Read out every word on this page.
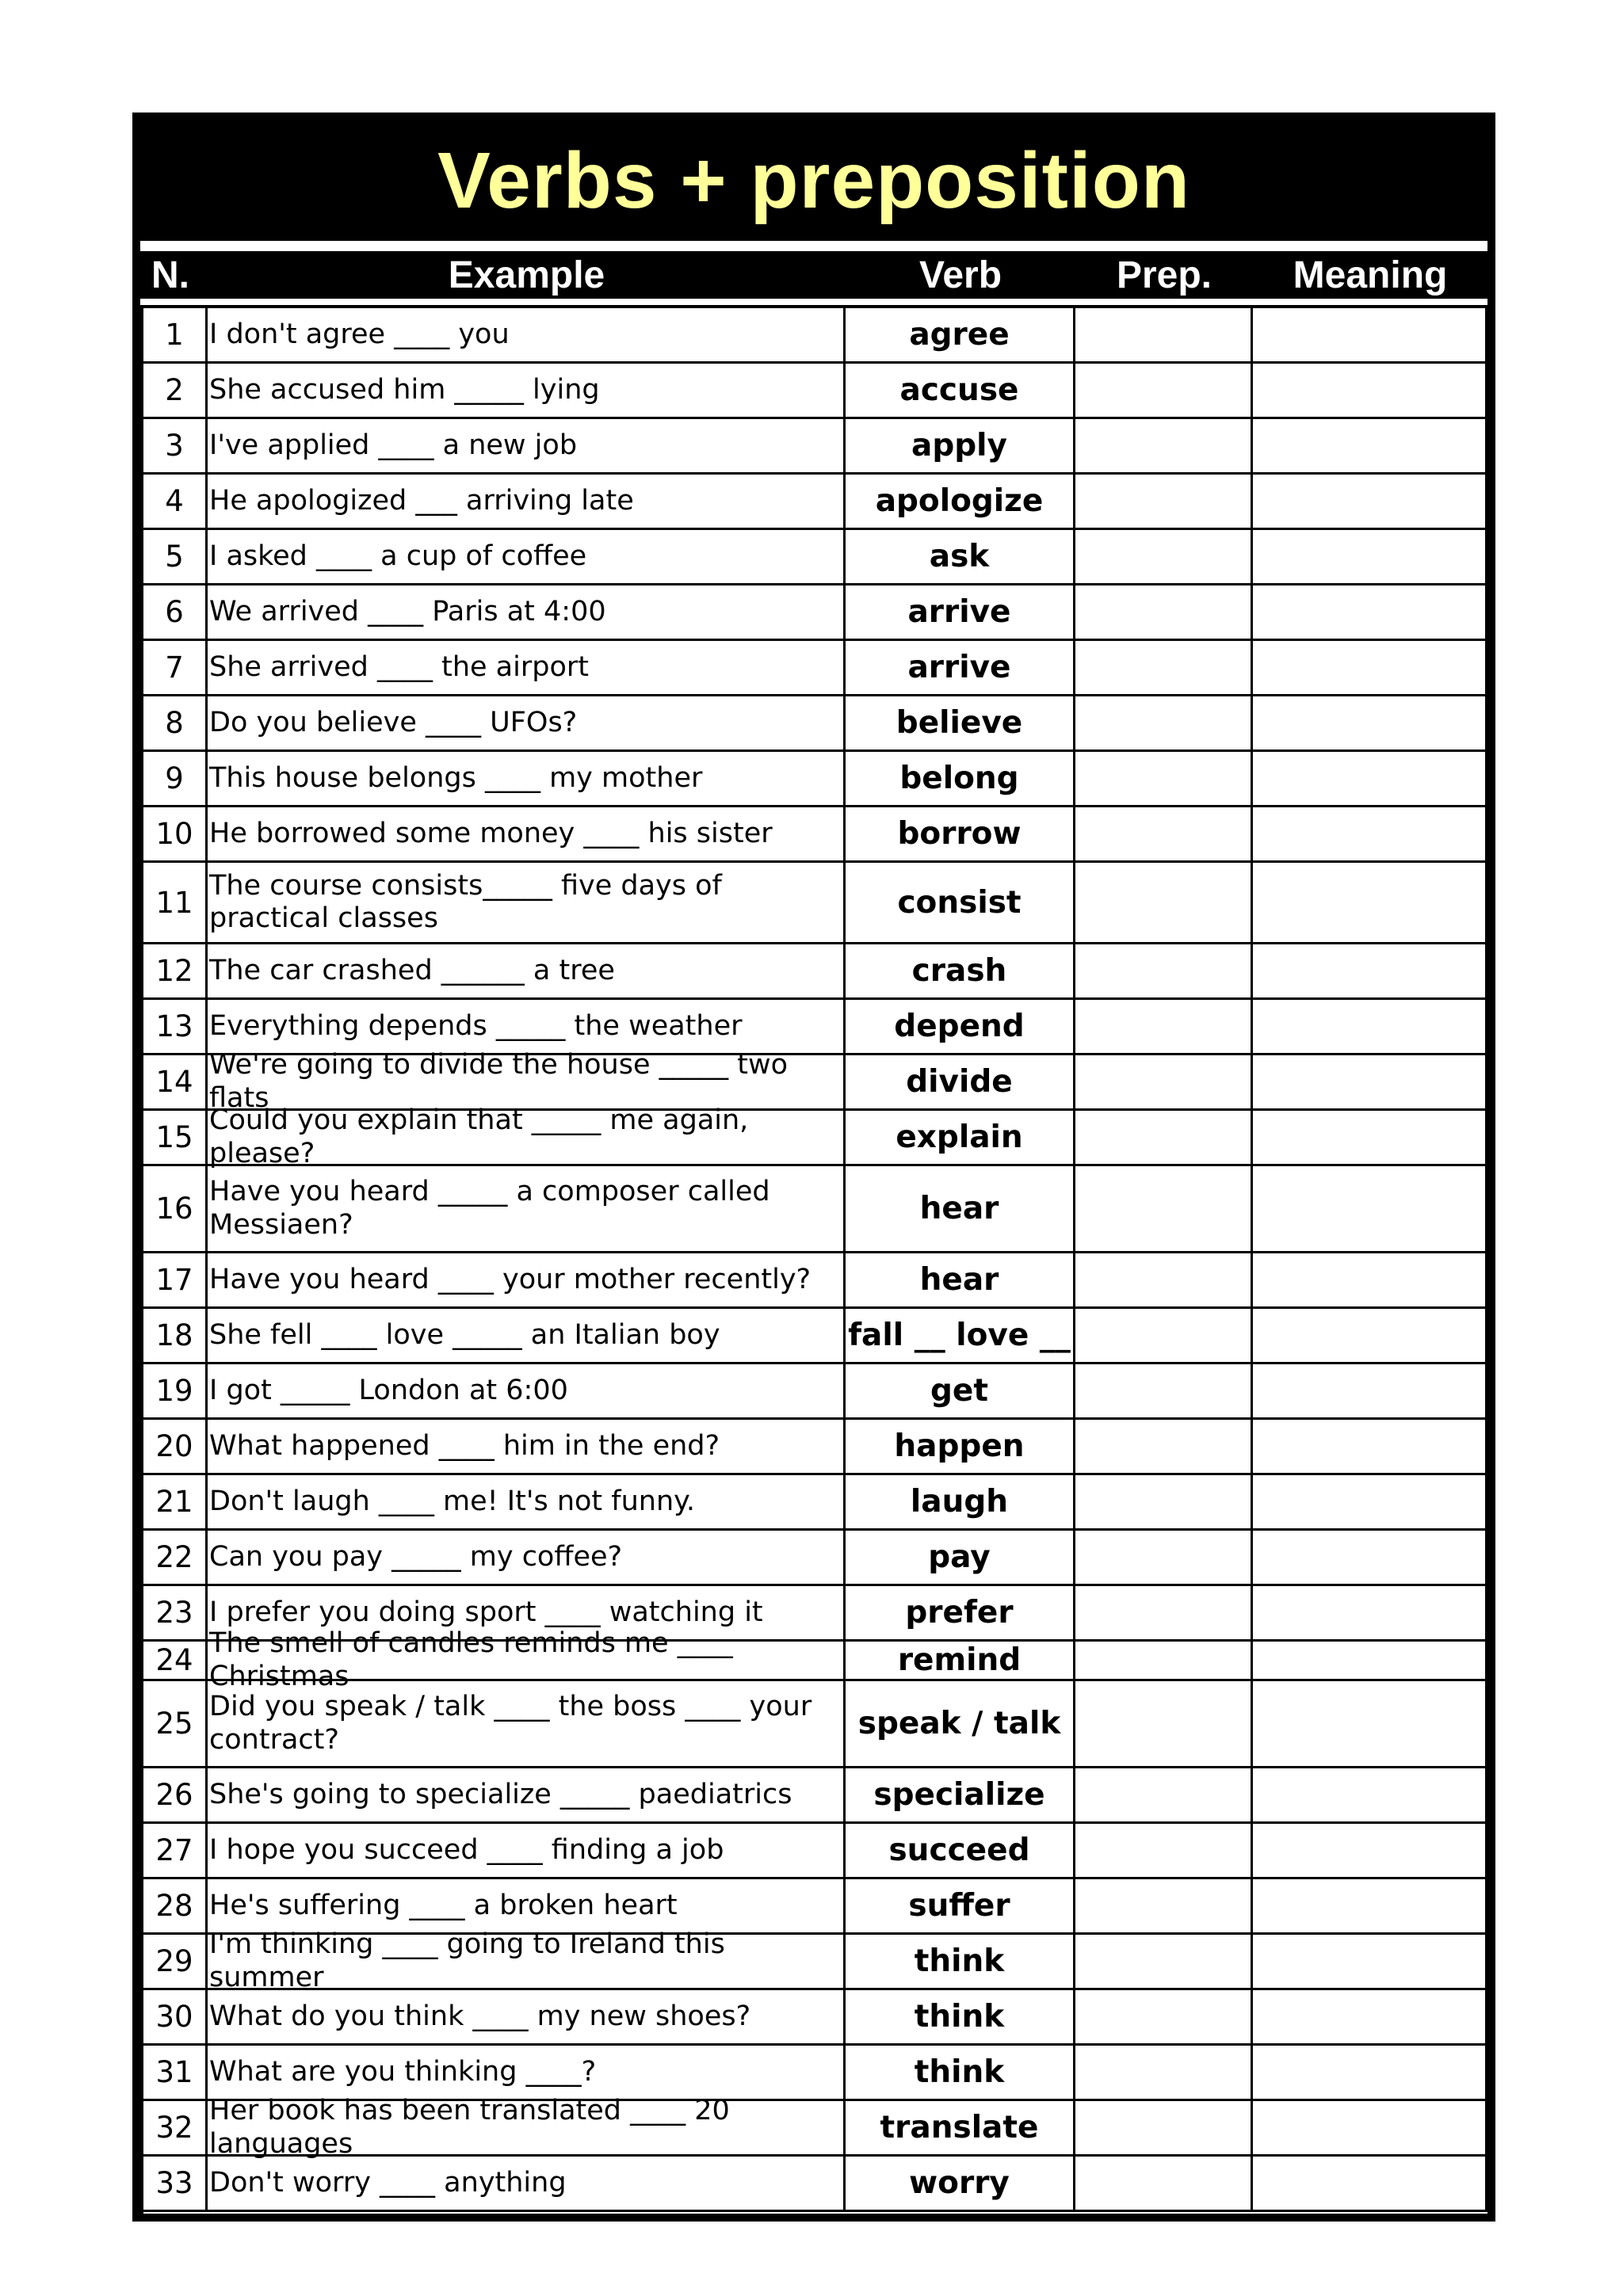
Verbs + preposition
N.	Example	Verb	Prep.	Meaning
1 I don't agree ____ you	agree
2 She accused him _____ lying	accuse
3 I've applied ____ a new job	apply
4 He apologized ___ arriving late	apologize
5 I asked ____ a cup of coffee	ask
6 We arrived ____ Paris at 4:00	arrive
7 She arrived ____ the airport	arrive
8 Do you believe ____ UFOs?	believe
9 This house belongs ____ my mother	belong
10 He borrowed some money ____ his sister	borrow
11 The course consists_____ five days of practical classes	consist
12 The car crashed ______ a tree	crash
13 Everything depends _____ the weather	depend
14 We're going to divide the house _____ two flats	divide
15 Could you explain that _____ me again, please?	explain
16 Have you heard _____ a composer called Messiaen?	hear
17 Have you heard ____ your mother recently?	hear
18 She fell ____ love _____ an Italian boy	fall __ love __
19 I got _____ London at 6:00	get
20 What happened ____ him in the end?	happen
21 Don't laugh ____ me! It's not funny.	laugh
22 Can you pay _____ my coffee?	pay
23 I prefer you doing sport ____ watching it	prefer
24 The smell of candles reminds me ____ Christmas	remind
25 Did you speak / talk ____ the boss ____ your contract?	speak / talk
26 She's going to specialize _____ paediatrics	specialize
27 I hope you succeed ____ finding a job	succeed
28 He's suffering ____ a broken heart	suffer
29 I'm thinking ____ going to Ireland this summer	think
30 What do you think ____ my new shoes?	think
31 What are you thinking ____?	think
32 Her book has been translated ____ 20 languages	translate
33 Don't worry ____ anything	worry
